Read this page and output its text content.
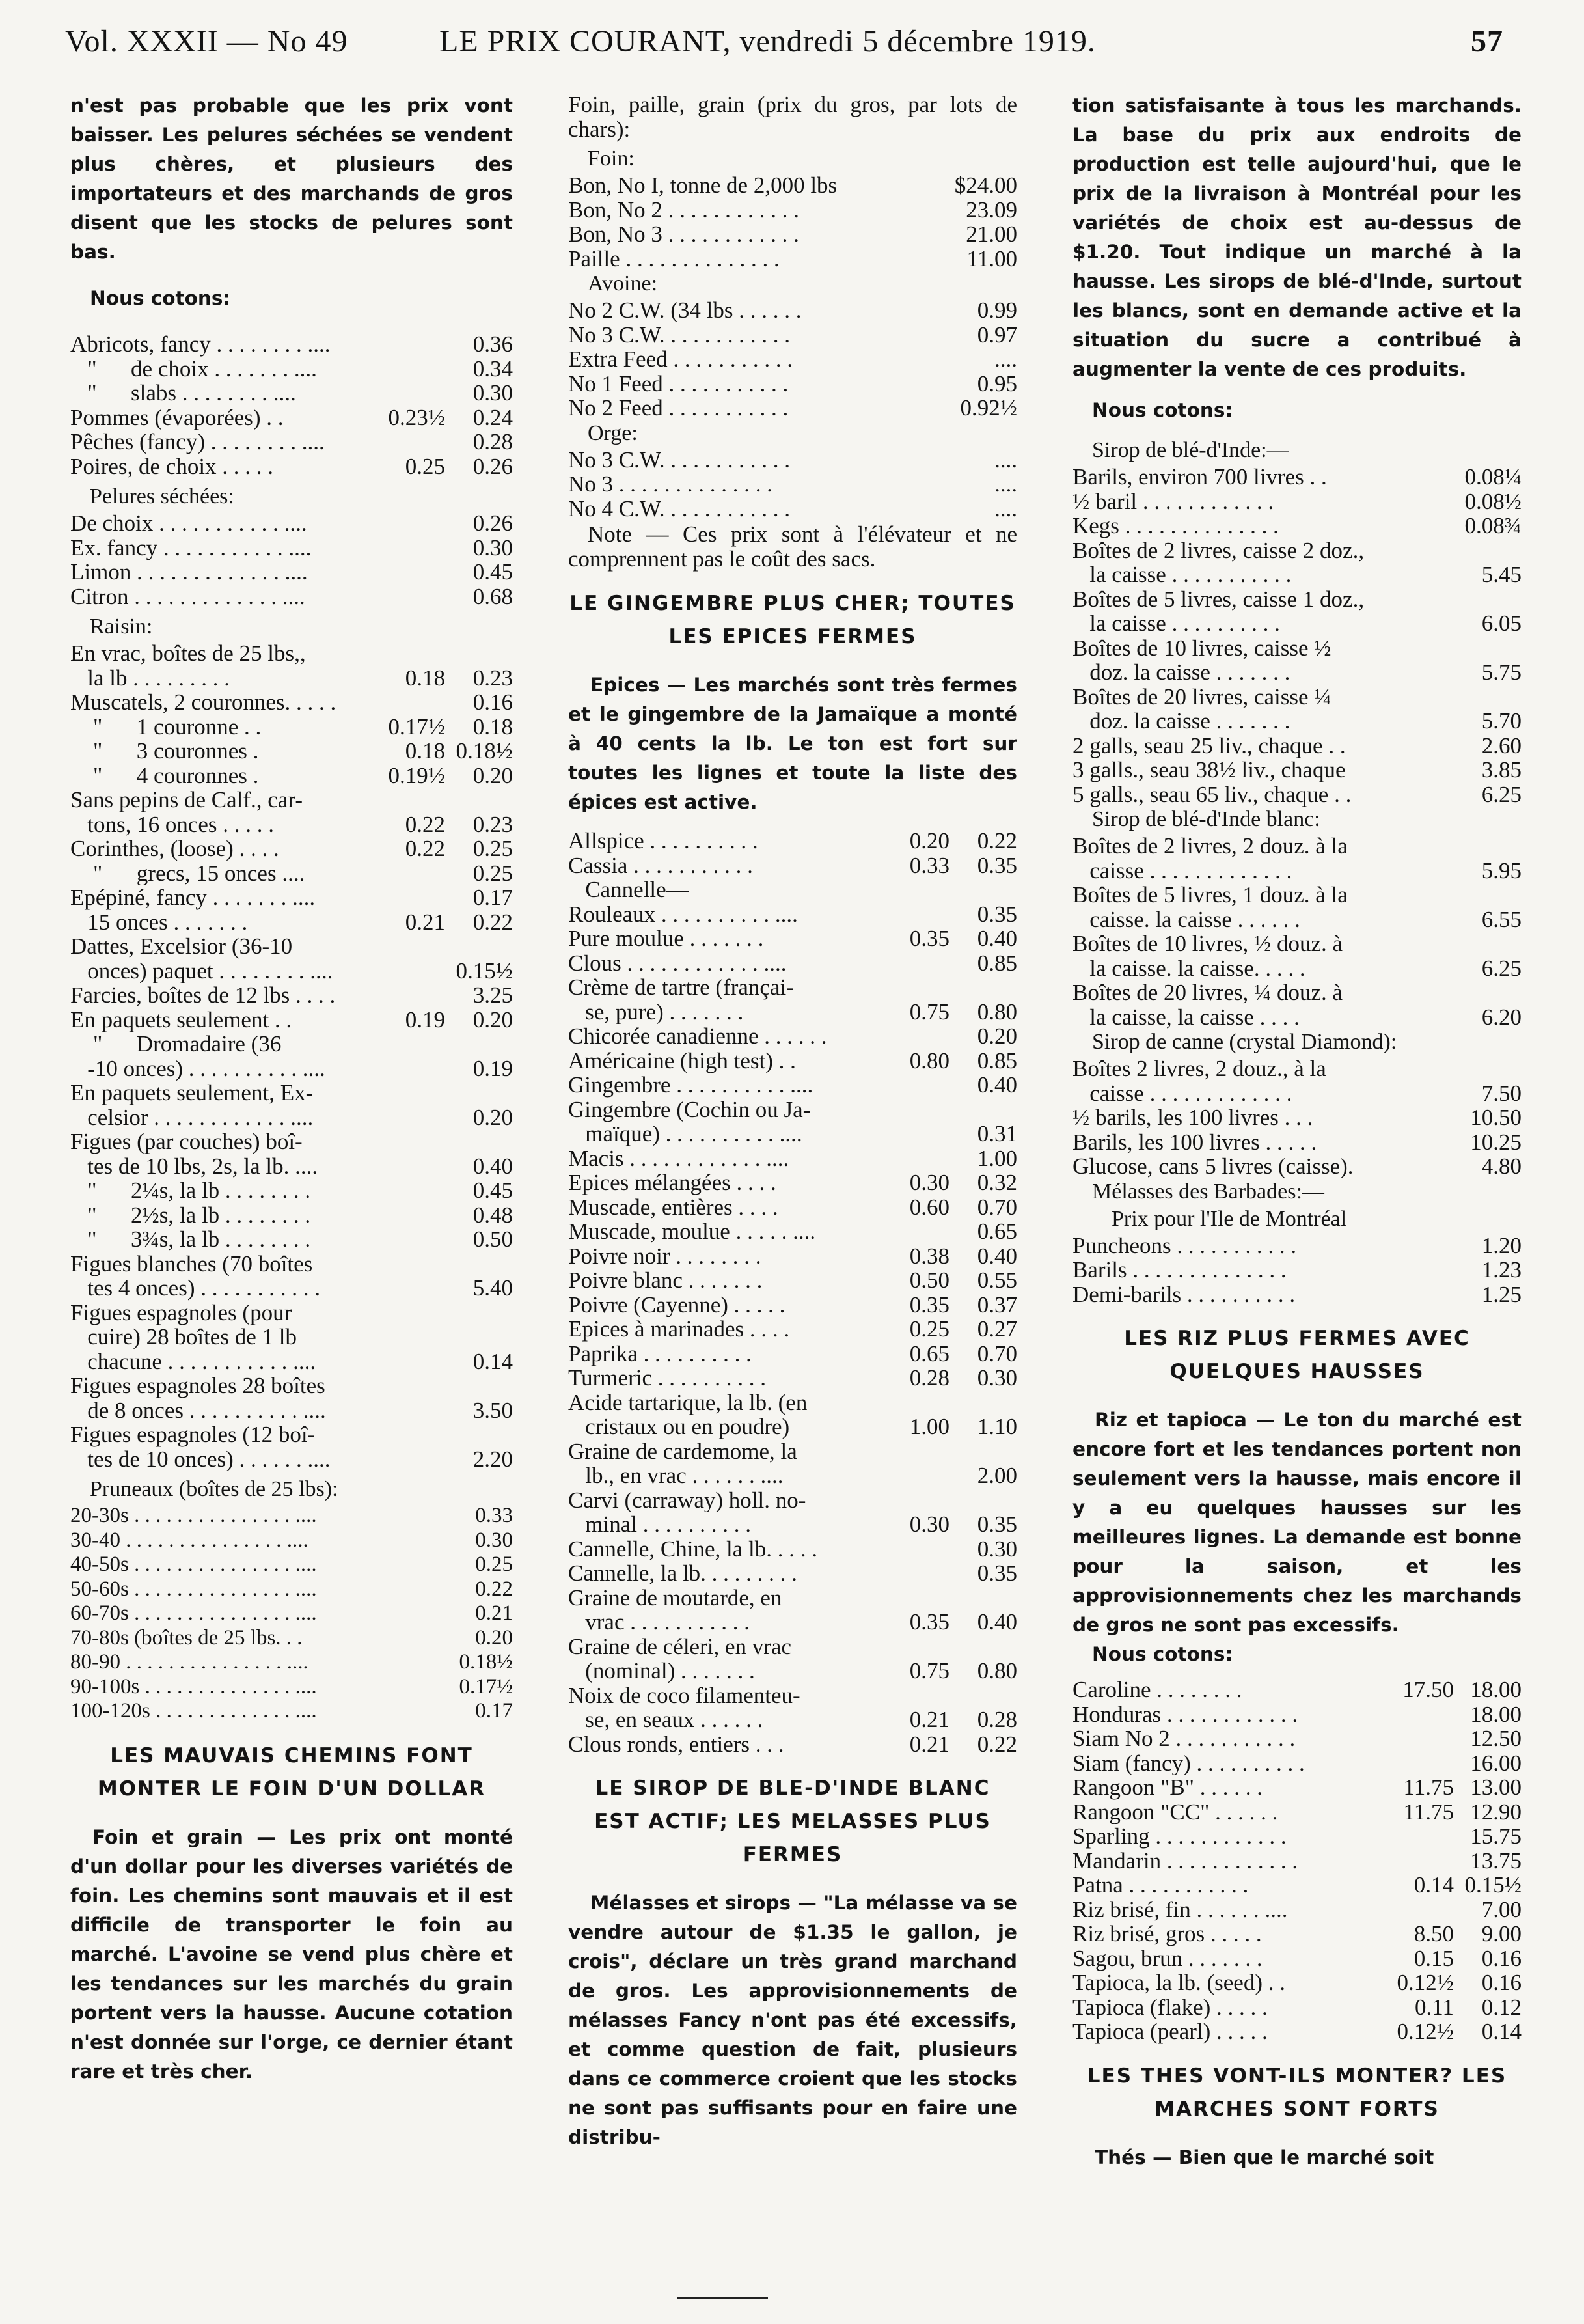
Vol. XXXII — No 49	LE PRIX COURANT, vendredi 5 décembre 1919.	57

n'est pas probable que les prix vont baisser. Les pelures séchées se vendent plus chères, et plusieurs des importateurs et des marchands de gros disent que les stocks de pelures sont bas.

Nous cotons:
Abricots, fancy . . . . . . . . ....	0.36
"      de choix . . . . . . . ....	0.34
"      slabs . . . . . . . . ....	0.30
Pommes (évaporées) . .	0.23½	0.24
Pêches (fancy) . . . . . . . . ....	0.28
Poires, de choix . . . . .	0.25	0.26
Pelures séchées:
De choix . . . . . . . . . . . ....	0.26
Ex. fancy . . . . . . . . . . . ....	0.30
Limon . . . . . . . . . . . . . ....	0.45
Citron . . . . . . . . . . . . . ....	0.68
Raisin:
En vrac, boîtes de 25 lbs,,
la lb . . . . . . . . .	0.18	0.23
Muscatels, 2 couronnes. . . . .	0.16
"      1 couronne . .	0.17½	0.18
"      3 couronnes .	0.18 0.18½
"      4 couronnes .	0.19½	0.20
Sans pepins de Calf., car-
tons, 16 onces . . . . .	0.22	0.23
Corinthes, (loose) . . . .	0.22	0.25
"      grecs, 15 onces ....	0.25
Epépiné, fancy . . . . . . . ....	0.17
15 onces . . . . . . .	0.21	0.22
Dattes, Excelsior (36-10
onces) paquet . . . . . . . . ....	0.15½
Farcies, boîtes de 12 lbs . . . .	3.25
En paquets seulement . .	0.19	0.20
"      Dromadaire (36
-10 onces) . . . . . . . . . . ....	0.19
En paquets seulement, Ex-
celsior . . . . . . . . . . . . ....	0.20
Figues (par couches) boî-
tes de 10 lbs, 2s, la lb. ....	0.40
"      2¼s, la lb . . . . . . . .	0.45
"      2½s, la lb . . . . . . . .	0.48
"      3¾s, la lb . . . . . . . .	0.50
Figues blanches (70 boîtes
tes 4 onces) . . . . . . . . . . .	5.40
Figues espagnoles (pour
cuire) 28 boîtes de 1 lb
chacune . . . . . . . . . . . ....	0.14
Figues espagnoles 28 boîtes
de 8 onces . . . . . . . . . . ....	3.50
Figues espagnoles (12 boî-
tes de 10 onces) . . . . . . ....	2.20
Pruneaux (boîtes de 25 lbs):
20-30s . . . . . . . . . . . . . . . ....	0.33
30-40 . . . . . . . . . . . . . . . ....	0.30
40-50s . . . . . . . . . . . . . . . ....	0.25
50-60s . . . . . . . . . . . . . . . ....	0.22
60-70s . . . . . . . . . . . . . . . ....	0.21
70-80s (boîtes de 25 lbs. . .	0.20
80-90 . . . . . . . . . . . . . . . ....	0.18½
90-100s . . . . . . . . . . . . . . ....	0.17½
100-120s . . . . . . . . . . . . . ....	0.17
LES MAUVAIS CHEMINS FONT MONTER LE FOIN D'UN DOLLAR

Foin et grain — Les prix ont monté d'un dollar pour les diverses variétés de foin. Les chemins sont mauvais et il est difficile de transporter le foin au marché. L'avoine se vend plus chère et les tendances sur les marchés du grain portent vers la hausse. Aucune cotation n'est donnée sur l'orge, ce dernier étant rare et très cher.

Foin, paille, grain (prix du gros, par lots de chars):

Foin:
Bon, No I, tonne de 2,000 lbs	$24.00
Bon, No 2 . . . . . . . . . . . .	23.09
Bon, No 3 . . . . . . . . . . . .	21.00
Paille . . . . . . . . . . . . . .	11.00
Avoine:
No 2 C.W. (34 lbs . . . . . .	0.99
No 3 C.W. . . . . . . . . . . .	0.97
Extra Feed . . . . . . . . . . .	....
No 1 Feed . . . . . . . . . . .	0.95
No 2 Feed . . . . . . . . . . .	0.92½
Orge:
No 3 C.W. . . . . . . . . . . .	....
No 3 . . . . . . . . . . . . . .	....
No 4 C.W. . . . . . . . . . . .	....

Note — Ces prix sont à l'élévateur et ne comprennent pas le coût des sacs.

LE GINGEMBRE PLUS CHER; TOUTES LES EPICES FERMES

Epices — Les marchés sont très fermes et le gingembre de la Jamaïque a monté à 40 cents la lb. Le ton est fort sur toutes les lignes et toute la liste des épices est active.

Allspice . . . . . . . . . .	0.20	0.22
Cassia . . . . . . . . . . .	0.33	0.35
Cannelle—
Rouleaux . . . . . . . . . . ....	0.35
Pure moulue . . . . . . .	0.35	0.40
Clous . . . . . . . . . . . . ....	0.85
Crème de tartre (françai-
se, pure) . . . . . . .	0.75	0.80
Chicorée canadienne . . . . . .	0.20
Américaine (high test) . .	0.80	0.85
Gingembre . . . . . . . . . . ....	0.40
Gingembre (Cochin ou Ja-
maïque) . . . . . . . . . . ....	0.31
Macis . . . . . . . . . . . . ....	1.00
Epices mélangées . . . .	0.30	0.32
Muscade, entières . . . .	0.60	0.70
Muscade, moulue . . . . . ....	0.65
Poivre noir . . . . . . . .	0.38	0.40
Poivre blanc . . . . . . .	0.50	0.55
Poivre (Cayenne) . . . . .	0.35	0.37
Epices à marinades . . . .	0.25	0.27
Paprika . . . . . . . . . .	0.65	0.70
Turmeric . . . . . . . . . .	0.28	0.30
Acide tartarique, la lb. (en
cristaux ou en poudre)	1.00	1.10
Graine de cardemome, la
lb., en vrac . . . . . . ....	2.00
Carvi (carraway) holl. no-
minal . . . . . . . . . .	0.30	0.35
Cannelle, Chine, la lb. . . . .	0.30
Cannelle, la lb. . . . . . . . .	0.35
Graine de moutarde, en
vrac . . . . . . . . . . .	0.35	0.40
Graine de céleri, en vrac
(nominal) . . . . . . .	0.75	0.80
Noix de coco filamenteu-
se, en seaux . . . . . .	0.21	0.28
Clous ronds, entiers . . .	0.21	0.22
LE SIROP DE BLE-D'INDE BLANC EST ACTIF; LES MELASSES PLUS FERMES

Mélasses et sirops — "La mélasse va se vendre autour de $1.35 le gallon, je crois", déclare un très grand marchand de gros. Les approvisionnements de mélasses Fancy n'ont pas été excessifs, et comme question de fait, plusieurs dans ce commerce croient que les stocks ne sont pas suffisants pour en faire une distribu-

tion satisfaisante à tous les marchands. La base du prix aux endroits de production est telle aujourd'hui, que le prix de la livraison à Montréal pour les variétés de choix est au-dessus de $1.20. Tout indique un marché à la hausse. Les sirops de blé-d'Inde, surtout les blancs, sont en demande active et la situation du sucre a contribué à augmenter la vente de ces produits.

Nous cotons:
Sirop de blé-d'Inde:—
Barils, environ 700 livres . .	0.08¼
½ baril . . . . . . . . . . . .	0.08½
Kegs . . . . . . . . . . . . . .	0.08¾
Boîtes de 2 livres, caisse 2 doz.,
la caisse . . . . . . . . . . .	5.45
Boîtes de 5 livres, caisse 1 doz.,
la caisse . . . . . . . . . .	6.05
Boîtes de 10 livres, caisse ½
doz. la caisse . . . . . . .	5.75
Boîtes de 20 livres, caisse ¼
doz. la caisse . . . . . . .	5.70
2 galls, seau 25 liv., chaque . .	2.60
3 galls., seau 38½ liv., chaque	3.85
5 galls., seau 65 liv., chaque . .	6.25
Sirop de blé-d'Inde blanc:
Boîtes de 2 livres, 2 douz. à la
caisse . . . . . . . . . . . . .	5.95
Boîtes de 5 livres, 1 douz. à la
caisse. la caisse . . . . . .	6.55
Boîtes de 10 livres, ½ douz. à
la caisse. la caisse. . . . .	6.25
Boîtes de 20 livres, ¼ douz. à
la caisse, la caisse . . . .	6.20
Sirop de canne (crystal Diamond):
Boîtes 2 livres, 2 douz., à la
caisse . . . . . . . . . . . . .	7.50
½ barils, les 100 livres . . .	10.50
Barils, les 100 livres . . . . .	10.25
Glucose, cans 5 livres (caisse).	4.80
Mélasses des Barbades:—
Prix pour l'Ile de Montréal
Puncheons . . . . . . . . . . .	1.20
Barils . . . . . . . . . . . . . .	1.23
Demi-barils . . . . . . . . . .	1.25
LES RIZ PLUS FERMES AVEC QUELQUES HAUSSES

Riz et tapioca — Le ton du marché est encore fort et les tendances portent non seulement vers la hausse, mais encore il y a eu quelques hausses sur les meilleures lignes. La demande est bonne pour la saison, et les approvisionnements chez les marchands de gros ne sont pas excessifs.

Nous cotons:
Caroline . . . . . . . .	17.50 18.00
Honduras . . . . . . . . . . . .	18.00
Siam No 2 . . . . . . . . . . .	12.50
Siam (fancy) . . . . . . . . . .	16.00
Rangoon "B" . . . . . .	11.75 13.00
Rangoon "CC" . . . . . .	11.75 12.90
Sparling . . . . . . . . . . . .	15.75
Mandarin . . . . . . . . . . . .	13.75
Patna . . . . . . . . . . .	0.14 0.15½
Riz brisé, fin . . . . . . ....	7.00
Riz brisé, gros . . . . .	8.50	9.00
Sagou, brun . . . . . . .	0.15	0.16
Tapioca, la lb. (seed) . .	0.12½	0.16
Tapioca (flake) . . . . .	0.11	0.12
Tapioca (pearl) . . . . .	0.12½	0.14
LES THES VONT-ILS MONTER? LES MARCHES SONT FORTS

Thés — Bien que le marché soit
